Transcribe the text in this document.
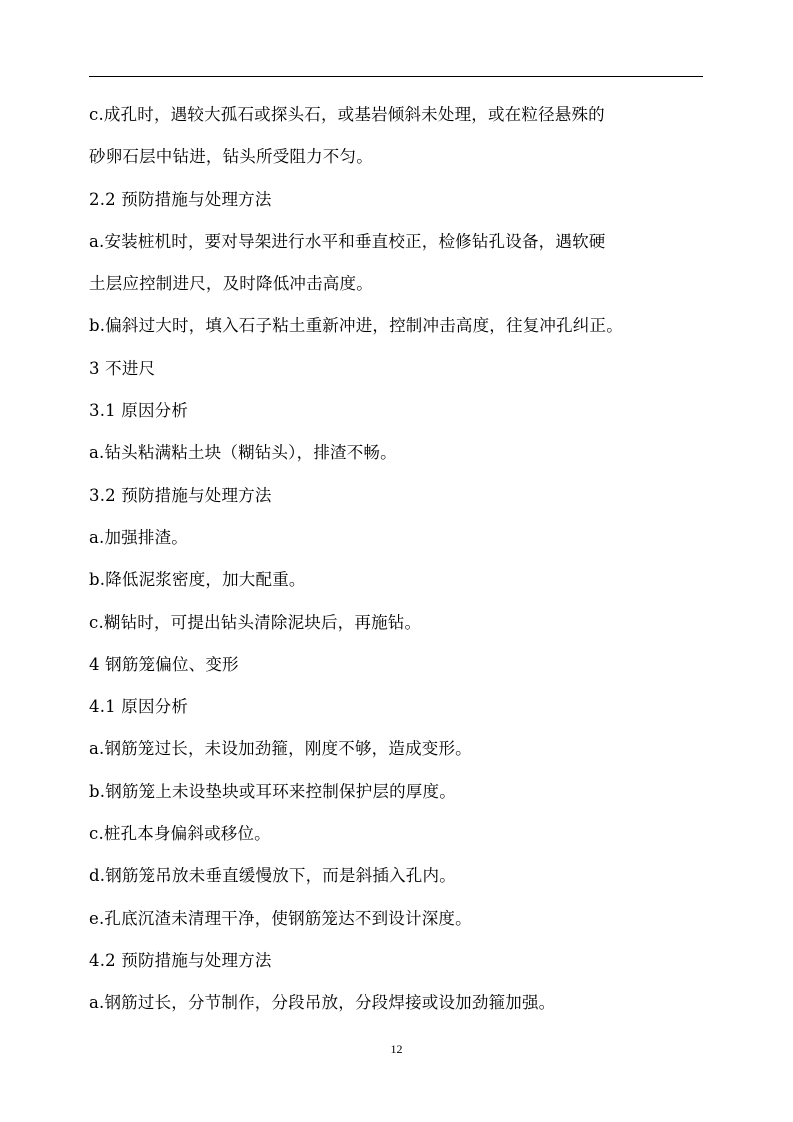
c.成孔时，遇较大孤石或探头石，或基岩倾斜未处理，或在粒径悬殊的
砂卵石层中钻进，钻头所受阻力不匀。
2.2 预防措施与处理方法
a.安装桩机时，要对导架进行水平和垂直校正，检修钻孔设备，遇软硬
土层应控制进尺，及时降低冲击高度。
b.偏斜过大时，填入石子粘土重新冲进，控制冲击高度，往复冲孔纠正。
3 不进尺
3.1 原因分析
a.钻头粘满粘土块（糊钻头），排渣不畅。
3.2 预防措施与处理方法
a.加强排渣。
b.降低泥浆密度，加大配重。
c.糊钻时，可提出钻头清除泥块后，再施钻。
4 钢筋笼偏位、变形
4.1 原因分析
a.钢筋笼过长，未设加劲箍，刚度不够，造成变形。
b.钢筋笼上未设垫块或耳环来控制保护层的厚度。
c.桩孔本身偏斜或移位。
d.钢筋笼吊放未垂直缓慢放下，而是斜插入孔内。
e.孔底沉渣未清理干净，使钢筋笼达不到设计深度。
4.2 预防措施与处理方法
a.钢筋过长，分节制作，分段吊放，分段焊接或设加劲箍加强。
12
